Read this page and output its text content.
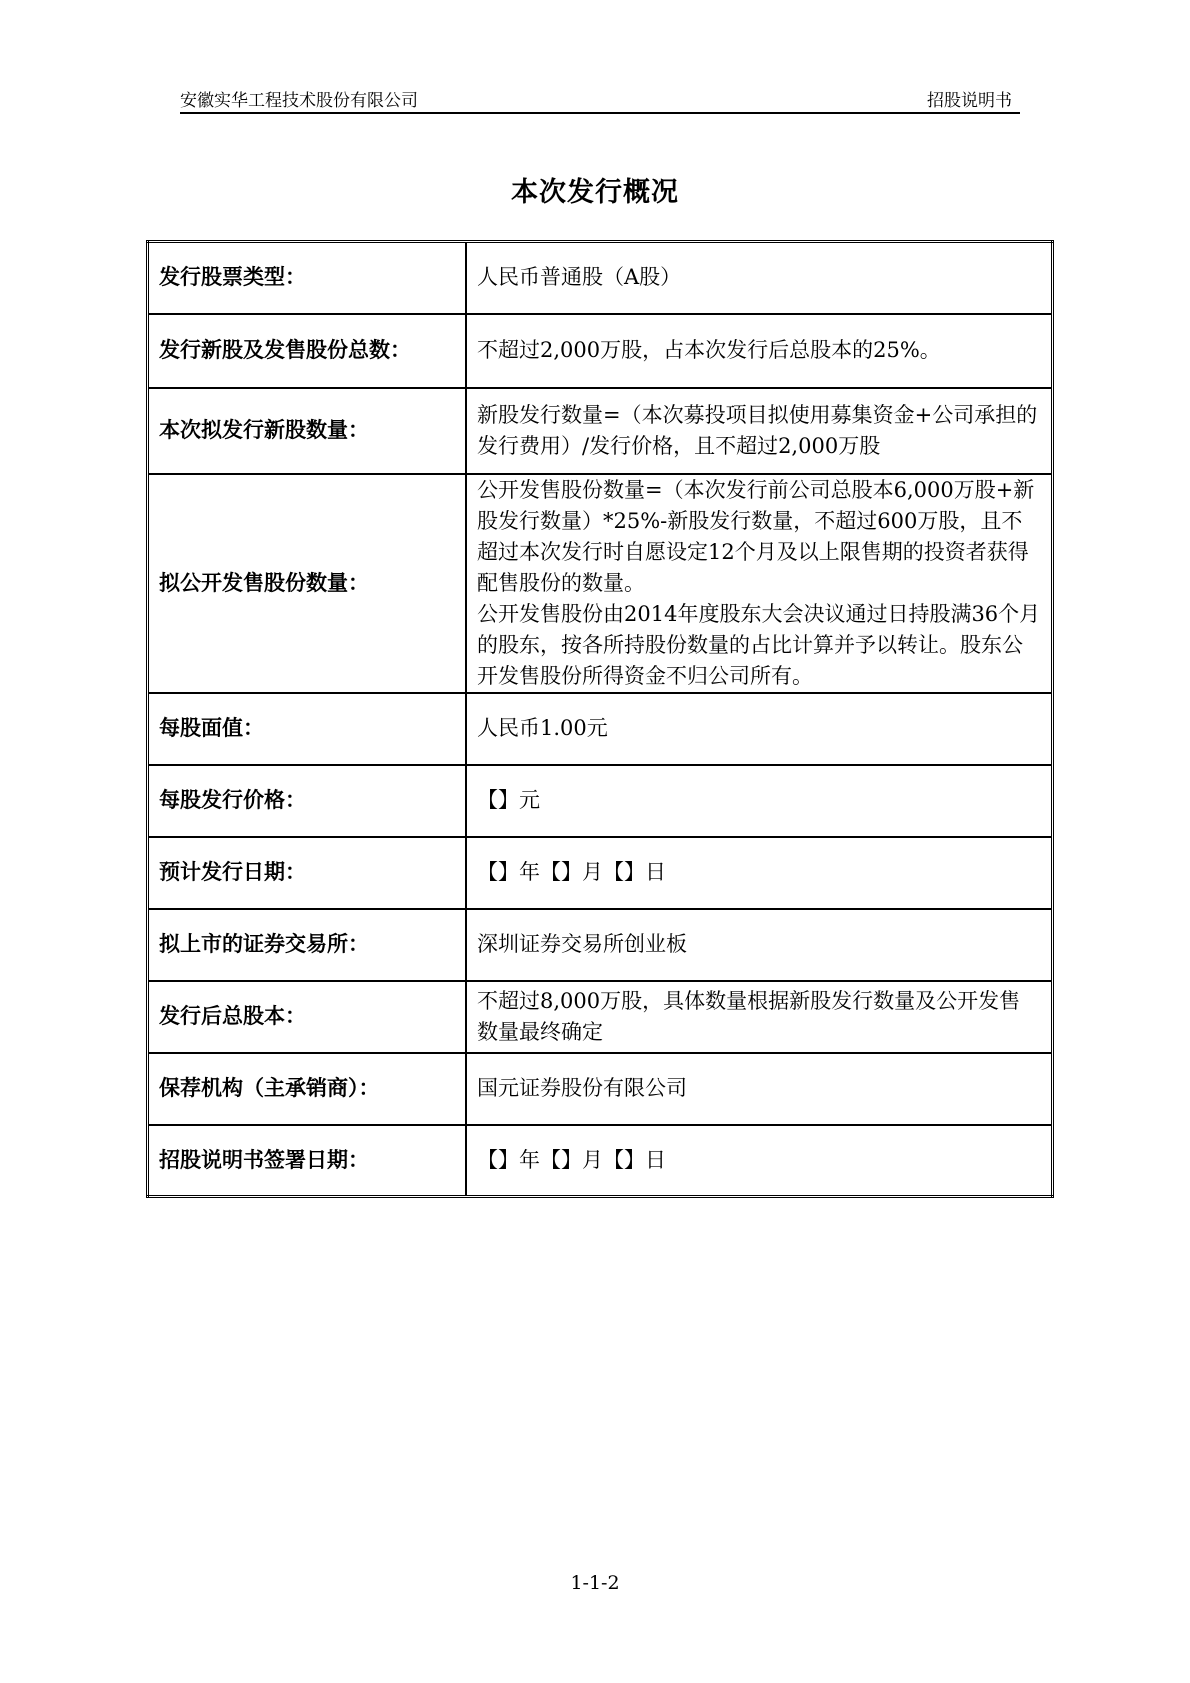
安徽实华工程技术股份有限公司	招股说明书
本次发行概况
发行股票类型：	人民币普通股（A股）

发行新股及发售股份总数：	不超过2,000万股，占本次发行后总股本的25%。

本次拟发行新股数量：	新股发行数量=（本次募投项目拟使用募集资金+公司承担的发行费用）/发行价格，且不超过2,000万股

拟公开发售股份数量：	公开发售股份数量=（本次发行前公司总股本6,000万股+新股发行数量）*25%-新股发行数量，不超过600万股，且不超过本次发行时自愿设定12个月及以上限售期的投资者获得配售股份的数量。

公开发售股份由2014年度股东大会决议通过日持股满36个月的股东，按各所持股份数量的占比计算并予以转让。股东公开发售股份所得资金不归公司所有。

每股面值：	人民币1.00元

每股发行价格：	【】元

预计发行日期：	【】年【】月【】日

拟上市的证券交易所：	深圳证券交易所创业板

发行后总股本：	不超过8,000万股，具体数量根据新股发行数量及公开发售数量最终确定

保荐机构（主承销商）：	国元证券股份有限公司

招股说明书签署日期：	【】年【】月【】日

1-1-2
